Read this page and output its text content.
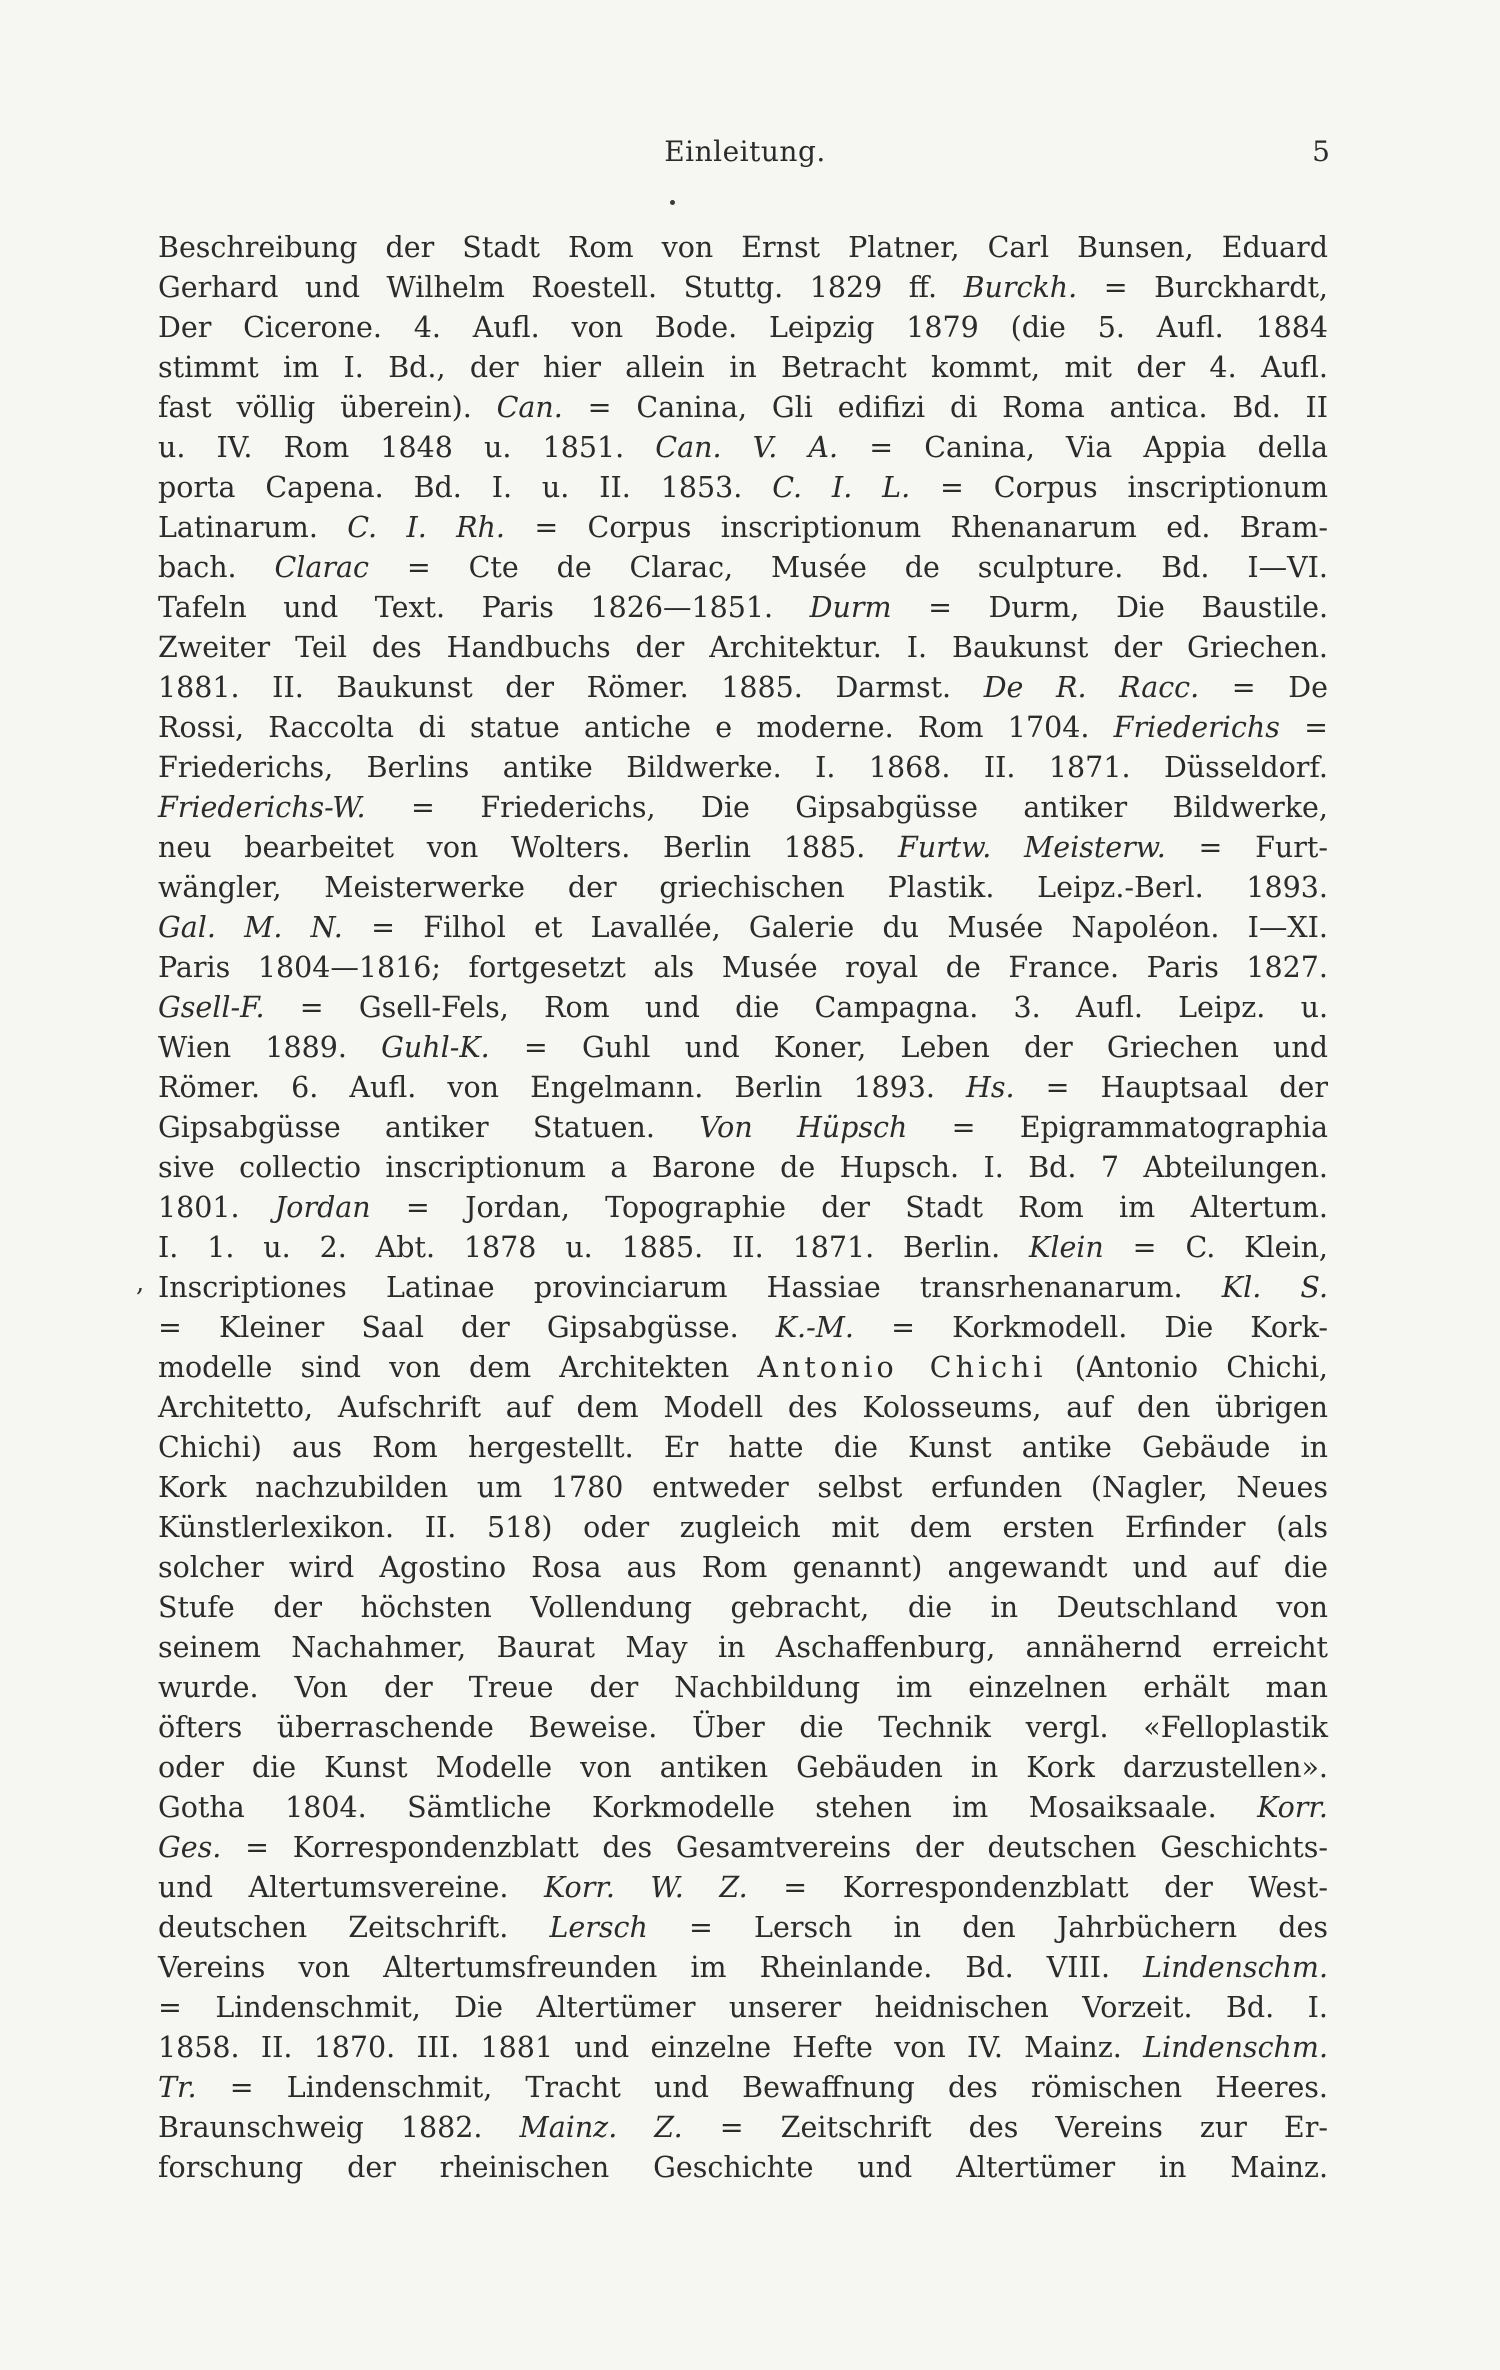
,
Einleitung.	5
Beschreibung der Stadt Rom von Ernst Platner, Carl Bunsen, Eduard
Gerhard und Wilhelm Roestell. Stuttg. 1829 ff. Burckh. = Burckhardt,
Der Cicerone. 4. Aufl. von Bode. Leipzig 1879 (die 5. Aufl. 1884
stimmt im I. Bd., der hier allein in Betracht kommt, mit der 4. Aufl.
fast völlig überein). Can. = Canina, Gli edifizi di Roma antica. Bd. II
u. IV. Rom 1848 u. 1851. Can. V. A. = Canina, Via Appia della
porta Capena. Bd. I. u. II. 1853. C. I. L. = Corpus inscriptionum
Latinarum. C. I. Rh. = Corpus inscriptionum Rhenanarum ed. Bram-
bach. Clarac = Cte de Clarac, Musée de sculpture. Bd. I—VI.
Tafeln und Text. Paris 1826—1851. Durm = Durm, Die Baustile.
Zweiter Teil des Handbuchs der Architektur. I. Baukunst der Griechen.
1881. II. Baukunst der Römer. 1885. Darmst. De R. Racc. = De
Rossi, Raccolta di statue antiche e moderne. Rom 1704. Friederichs =
Friederichs, Berlins antike Bildwerke. I. 1868. II. 1871. Düsseldorf.
Friederichs-W. = Friederichs, Die Gipsabgüsse antiker Bildwerke,
neu bearbeitet von Wolters. Berlin 1885. Furtw. Meisterw. = Furt-
wängler, Meisterwerke der griechischen Plastik. Leipz.-Berl. 1893.
Gal. M. N. = Filhol et Lavallée, Galerie du Musée Napoléon. I—XI.
Paris 1804—1816; fortgesetzt als Musée royal de France. Paris 1827.
Gsell-F. = Gsell-Fels, Rom und die Campagna. 3. Aufl. Leipz. u.
Wien 1889. Guhl-K. = Guhl und Koner, Leben der Griechen und
Römer. 6. Aufl. von Engelmann. Berlin 1893. Hs. = Hauptsaal der
Gipsabgüsse antiker Statuen. Von Hüpsch = Epigrammatographia
sive collectio inscriptionum a Barone de Hupsch. I. Bd. 7 Abteilungen.
1801. Jordan = Jordan, Topographie der Stadt Rom im Altertum.
I. 1. u. 2. Abt. 1878 u. 1885. II. 1871. Berlin. Klein = C. Klein,
Inscriptiones Latinae provinciarum Hassiae transrhenanarum. Kl. S.
= Kleiner Saal der Gipsabgüsse. K.-M. = Korkmodell. Die Kork-
modelle sind von dem Architekten Antonio Chichi (Antonio Chichi,
Architetto, Aufschrift auf dem Modell des Kolosseums, auf den übrigen
Chichi) aus Rom hergestellt. Er hatte die Kunst antike Gebäude in
Kork nachzubilden um 1780 entweder selbst erfunden (Nagler, Neues
Künstlerlexikon. II. 518) oder zugleich mit dem ersten Erfinder (als
solcher wird Agostino Rosa aus Rom genannt) angewandt und auf die
Stufe der höchsten Vollendung gebracht, die in Deutschland von
seinem Nachahmer, Baurat May in Aschaffenburg, annähernd erreicht
wurde. Von der Treue der Nachbildung im einzelnen erhält man
öfters überraschende Beweise. Über die Technik vergl. «Felloplastik
oder die Kunst Modelle von antiken Gebäuden in Kork darzustellen».
Gotha 1804. Sämtliche Korkmodelle stehen im Mosaiksaale. Korr.
Ges. = Korrespondenzblatt des Gesamtvereins der deutschen Geschichts-
und Altertumsvereine. Korr. W. Z. = Korrespondenzblatt der West-
deutschen Zeitschrift. Lersch = Lersch in den Jahrbüchern des
Vereins von Altertumsfreunden im Rheinlande. Bd. VIII. Lindenschm.
= Lindenschmit, Die Altertümer unserer heidnischen Vorzeit. Bd. I.
1858. II. 1870. III. 1881 und einzelne Hefte von IV. Mainz. Lindenschm.
Tr. = Lindenschmit, Tracht und Bewaffnung des römischen Heeres.
Braunschweig 1882. Mainz. Z. = Zeitschrift des Vereins zur Er-
forschung der rheinischen Geschichte und Altertümer in Mainz.
